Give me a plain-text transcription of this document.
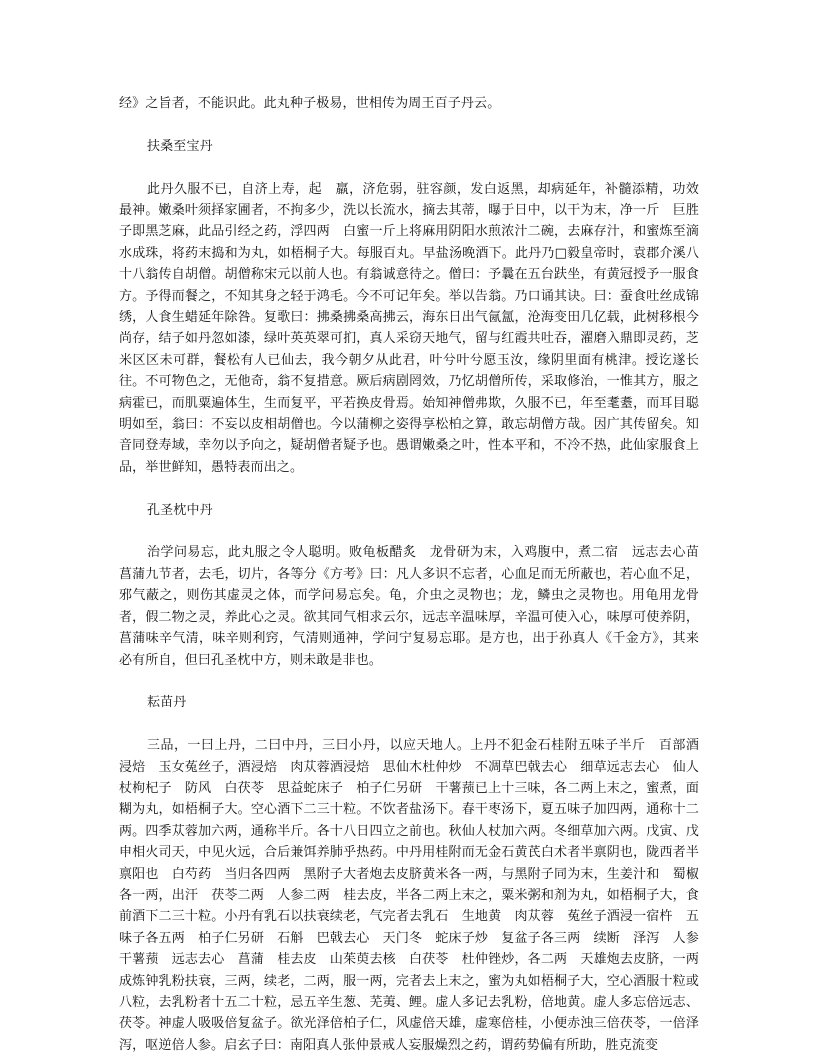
经》之旨者，不能识此。此丸种子极易，世相传为周王百子丹云。

扶桑至宝丹

此丹久服不已，自济上寿，起　羸，济危弱，驻容颜，发白返黑，却病延年，补髓添精，功效最神。嫩桑叶须择家圃者，不拘多少，洗以长流水，摘去其蒂，曝于日中，以干为末，净一斤　巨胜子即黑芝麻，此品引经之药，浮四两　白蜜一斤上将麻用阴阳水煎浓汁二碗，去麻存汁，和蜜炼至滴水成珠，将药末捣和为丸，如梧桐子大。每服百丸。早盐汤晚酒下。此丹乃□毅皇帝时，袁郡介溪八十八翁传自胡僧。胡僧称宋元以前人也。有翁诚意待之。僧曰：予曩在五台趺坐，有黄冠授予一服食方。予得而餐之，不知其身之轻于鸿毛。今不可记年矣。举以告翁。乃口诵其诀。曰：蚕食吐丝成锦绣，人食生蜡延年除咎。复歌曰：拂桑拂桑高拂云，海东日出气氤氲，沧海变田几亿载，此树移根今尚存，结子如丹忽如漆，绿叶英英翠可扪，真人采窃天地气，留与红霞共吐吞，濯磨入鼎即灵药，芝米区区未可群，餐松有人已仙去，我今朝夕从此君，叶兮叶兮愿玉汝，缘阴里面有桃津。授讫遂长往。不可物色之，无他奇，翁不复措意。厥后病剧罔效，乃忆胡僧所传，采取修治，一惟其方，服之病霍已，而肌粟遍体生，生而复平，平若换皮骨焉。始知神僧弗欺，久服不已，年至耄耋，而耳目聪明如至，翁曰：不妄以皮相胡僧也。今以蒲柳之姿得享松柏之算，敢忘胡僧方哉。因广其传留矣。知音同登寿域，幸勿以予向之，疑胡僧者疑予也。愚谓嫩桑之叶，性本平和，不冷不热，此仙家服食上品，举世鲜知，愚特表而出之。

孔圣枕中丹

治学问易忘，此丸服之令人聪明。败龟板醋炙　龙骨研为末，入鸡腹中，煮二宿　远志去心苗　菖蒲九节者，去毛，切片，各等分《方考》曰：凡人多识不忘者，心血足而无所蔽也，若心血不足，邪气蔽之，则伤其虚灵之体，而学问易忘矣。龟，介虫之灵物也；龙，鳞虫之灵物也。用龟用龙骨者，假二物之灵，养此心之灵。欲其同气相求云尔，远志辛温味厚，辛温可使入心，味厚可使养阴，菖蒲味辛气清，味辛则利窍，气清则通神，学问宁复易忘耶。是方也，出于孙真人《千金方》，其来必有所自，但曰孔圣枕中方，则未敢是非也。

耘苗丹

三品，一曰上丹，二曰中丹，三曰小丹，以应天地人。上丹不犯金石桂附五味子半斤　百部酒浸焙　玉女菟丝子，酒浸焙　肉苁蓉酒浸焙　思仙木杜仲炒　不凋草巴戟去心　细草远志去心　仙人杖枸杞子　防风　白茯苓　思益蛇床子　柏子仁另研　干薯蓣已上十三味，各二两上末之，蜜煮，面糊为丸，如梧桐子大。空心酒下二三十粒。不饮者盐汤下。春干枣汤下，夏五味子加四两，通称十二两。四季苁蓉加六两，通称半斤。各十八日四立之前也。秋仙人杖加六两。冬细草加六两。戊寅、戊申相火司天，中见火远，合后兼饵养肺乎热药。中丹用桂附而无金石黄芪白术者半禀阴也，陇西者半禀阳也　白芍药　当归各四两　黑附子大者炮去皮脐黄米各一两，与黑附子同为末，生姜汁和　蜀椒各一两，出汗　茯苓二两　人参二两　桂去皮，半各二两上末之，粟米粥和剂为丸，如梧桐子大，食前酒下二三十粒。小丹有乳石以扶衰续老，气完者去乳石　生地黄　肉苁蓉　菟丝子酒浸一宿杵　五味子各五两　柏子仁另研　石斛　巴戟去心　天门冬　蛇床子炒　复盆子各三两　续断　泽泻　人参　干薯蓣　远志去心　菖蒲　桂去皮　山茱萸去核　白茯苓　杜仲锉炒，各二两　天雄炮去皮脐，一两　成炼钟乳粉扶衰，三两，续老，二两，服一两，完者去上末之，蜜为丸如梧桐子大，空心酒服十粒或八粒，去乳粉者十五二十粒，忌五辛生葱、芜荑、鲤。虚人多记去乳粉，倍地黄。虚人多忘倍远志、茯苓。神虚人吸吸倍复盆子。欲光泽倍柏子仁，风虚倍天雄，虚寒倍桂，小便赤浊三倍茯苓，一倍泽泻，呕逆倍人参。启玄子曰：南阳真人张仲景戒人妄服燥烈之药，谓药势偏有所助，胜克流变
